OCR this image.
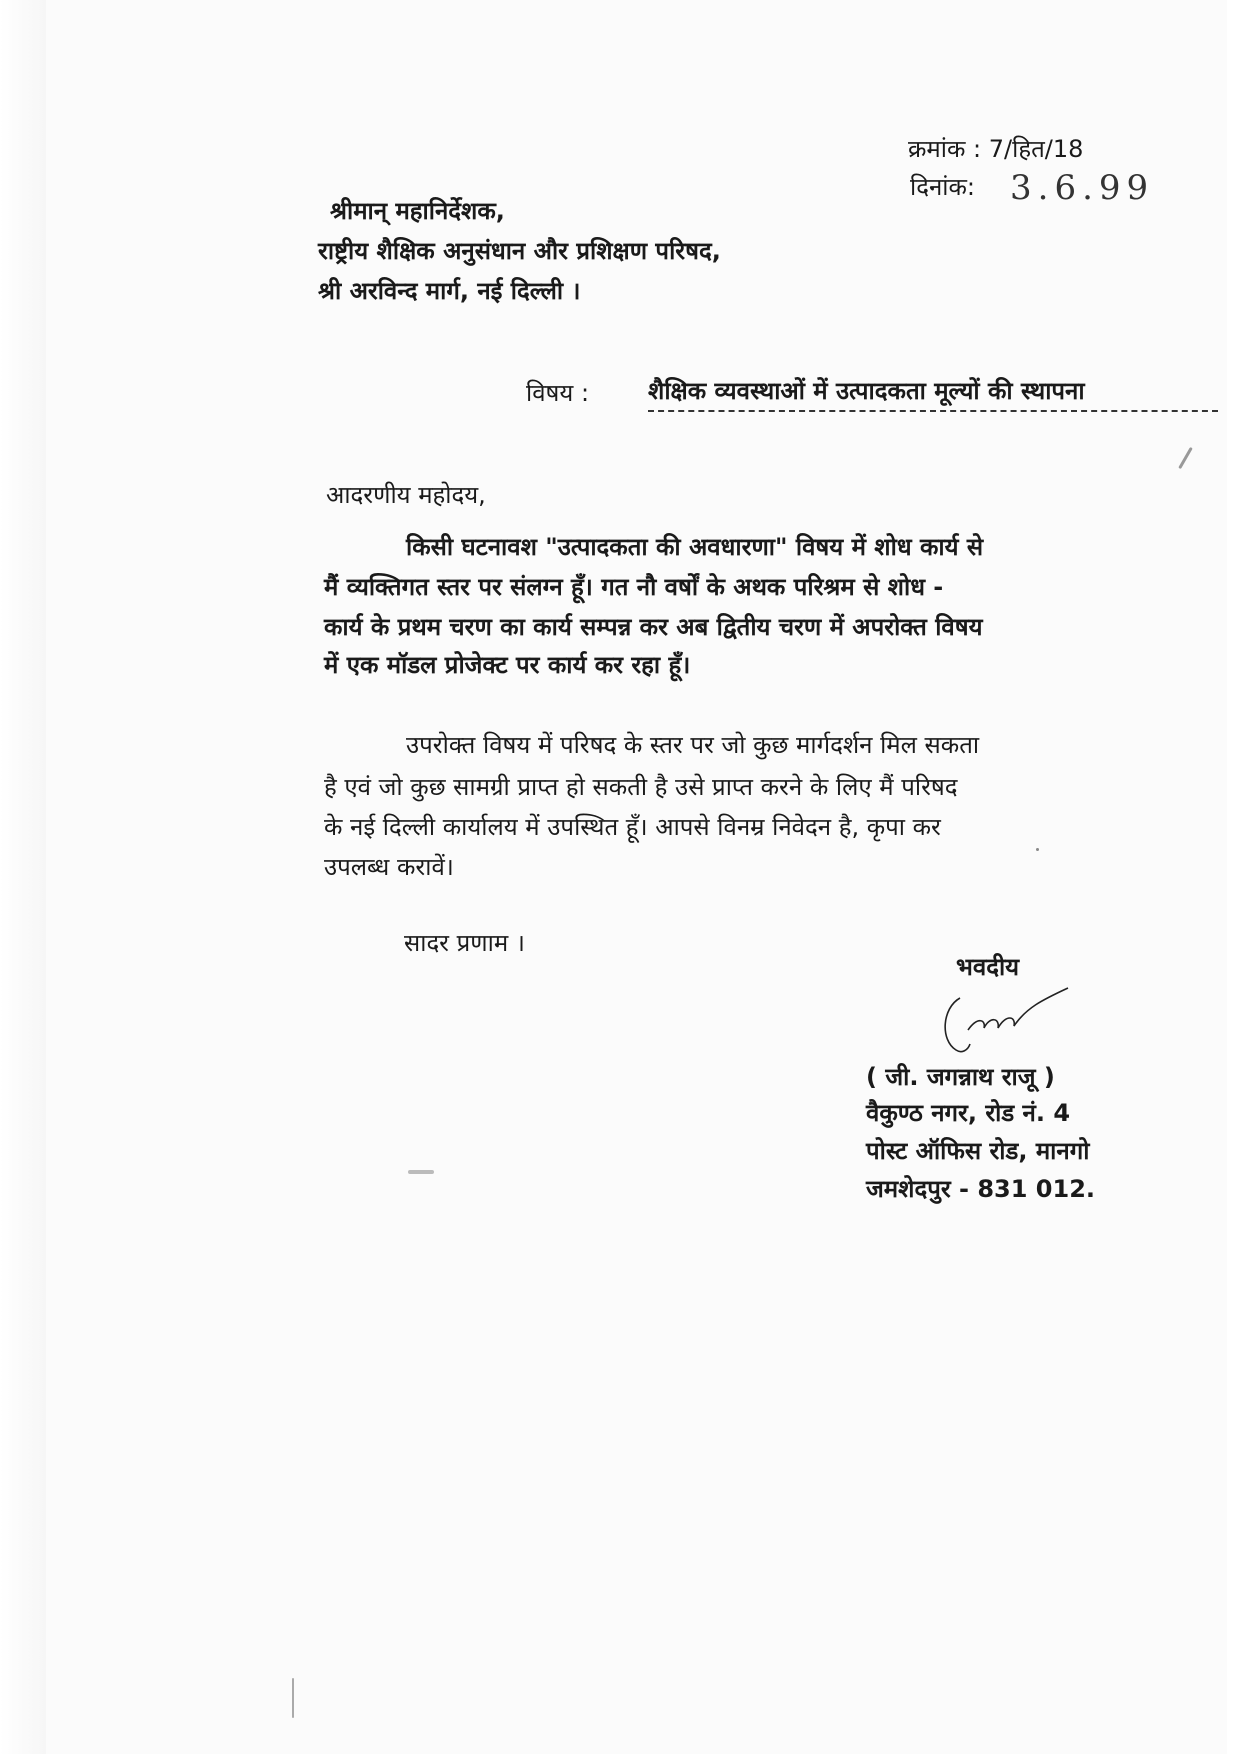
क्रमांक : 7/हित/18
दिनांक: 3.6.99
श्रीमान् महानिर्देशक,
राष्ट्रीय शैक्षिक अनुसंधान और प्रशिक्षण परिषद,
श्री अरविन्द मार्ग, नई दिल्ली ।
विषय : शैक्षिक व्यवस्थाओं में उत्पादकता मूल्यों की स्थापना
आदरणीय महोदय,
किसी घटनावश "उत्पादकता की अवधारणा" विषय में शोध कार्य से
मैं व्यक्तिगत स्तर पर संलग्न हूँ। गत नौ वर्षों के अथक परिश्रम से शोध -
कार्य के प्रथम चरण का कार्य सम्पन्न कर अब द्वितीय चरण में अपरोक्त विषय
में एक मॉडल प्रोजेक्ट पर कार्य कर रहा हूँ।
उपरोक्त विषय में परिषद के स्तर पर जो कुछ मार्गदर्शन मिल सकता
है एवं जो कुछ सामग्री प्राप्त हो सकती है उसे प्राप्त करने के लिए मैं परिषद
के नई दिल्ली कार्यालय में उपस्थित हूँ। आपसे विनम्र निवेदन है, कृपा कर
उपलब्ध करावें।
सादर प्रणाम ।
भवदीय
( जी. जगन्नाथ राजू )
वैकुण्ठ नगर, रोड नं. 4
पोस्ट ऑफिस रोड, मानगो
जमशेदपुर - 831 012.
